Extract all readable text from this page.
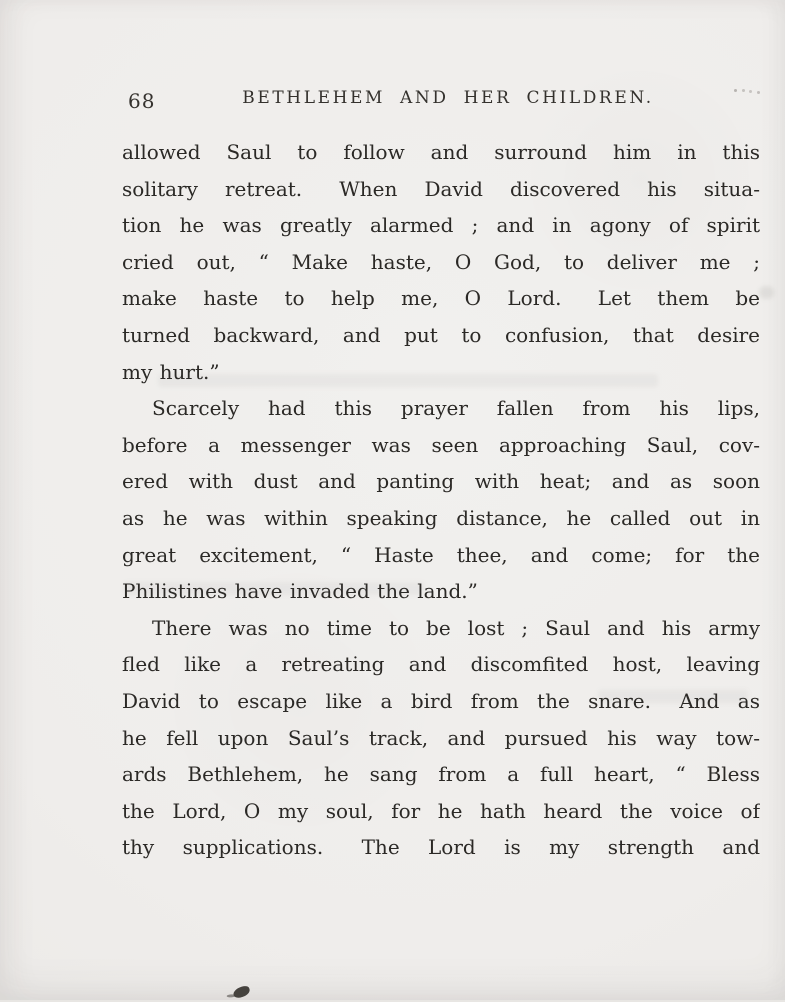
68	BETHLEHEM AND HER CHILDREN.
allowed Saul to follow and surround him in this
solitary retreat.  When David discovered his situa-
tion he was greatly alarmed ; and in agony of spirit
cried out, “ Make haste, O God, to deliver me ;
make haste to help me, O Lord.  Let them be
turned backward, and put to confusion, that desire
my hurt.”
Scarcely had this prayer fallen from his lips,
before a messenger was seen approaching Saul, cov-
ered with dust and panting with heat; and as soon
as he was within speaking distance, he called out in
great excitement, “ Haste thee, and come; for the
Philistines have invaded the land.”
There was no time to be lost ; Saul and his army
fled like a retreating and discomfited host, leaving
David to escape like a bird from the snare.  And as
he fell upon Saul’s track, and pursued his way tow-
ards Bethlehem, he sang from a full heart, “ Bless
the Lord, O my soul, for he hath heard the voice of
thy supplications.  The Lord is my strength and
